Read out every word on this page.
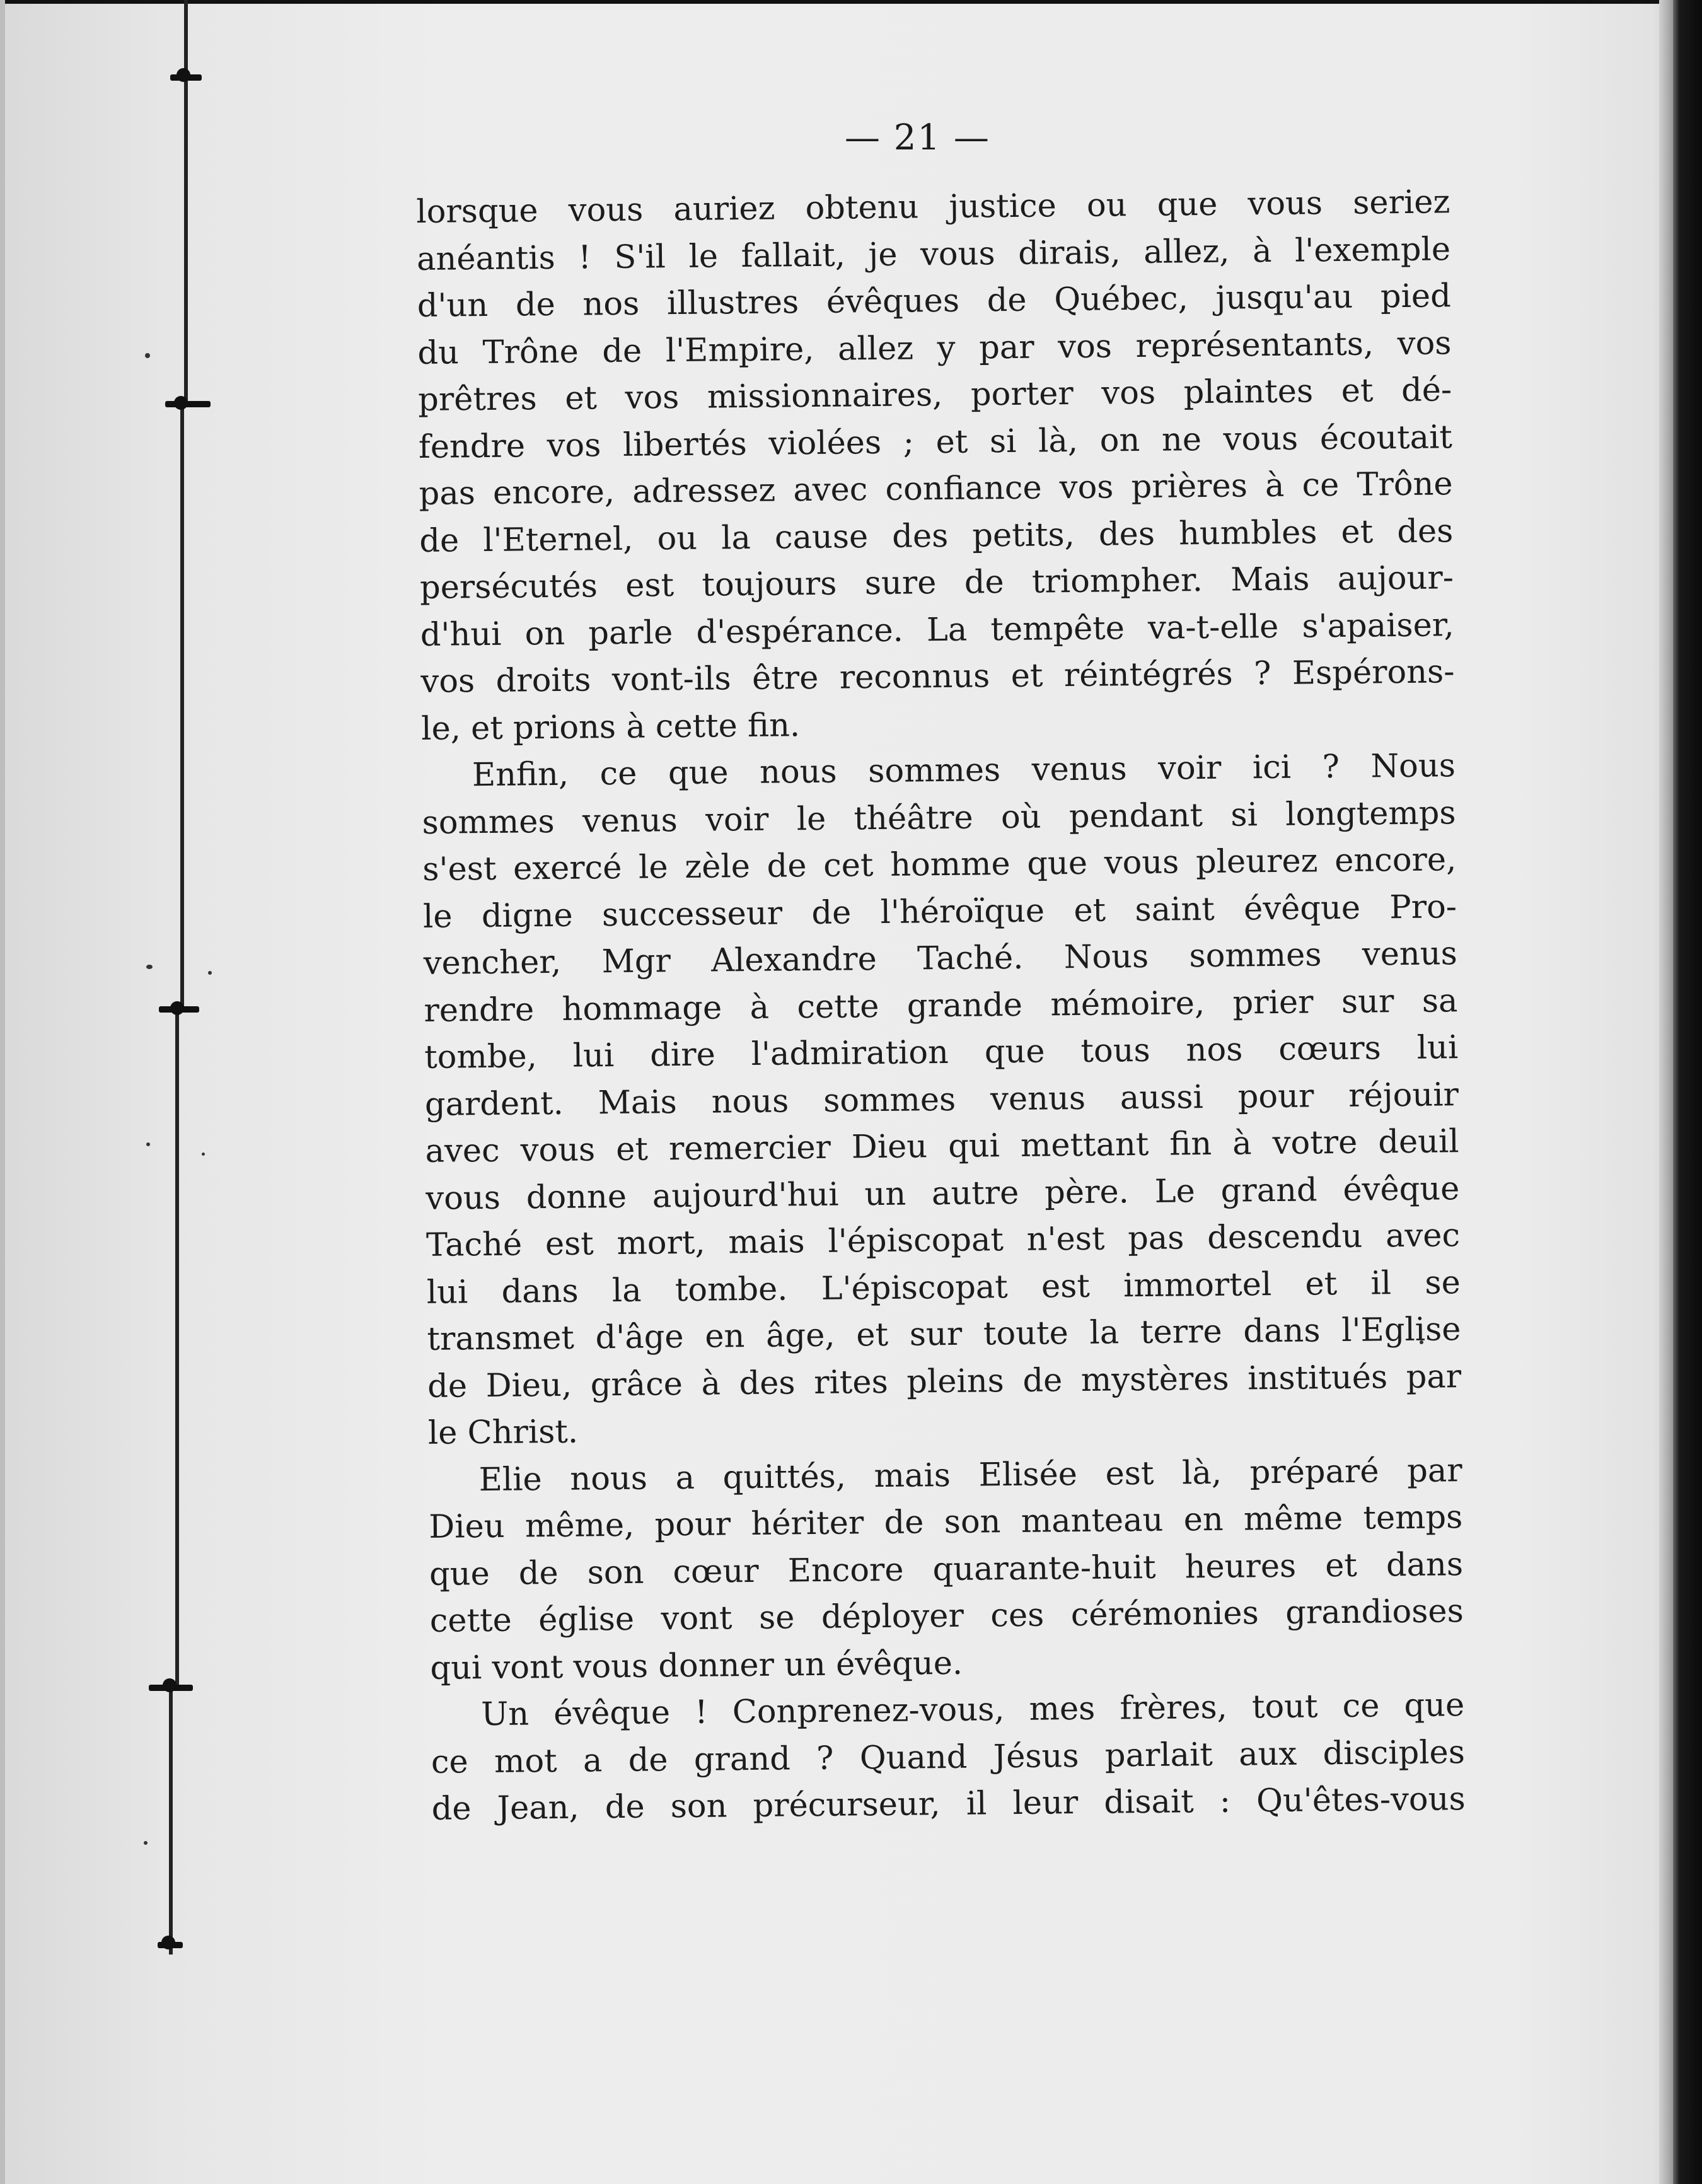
— 21 —
lorsque vous auriez obtenu justice ou que vous seriez
anéantis ! S'il le fallait, je vous dirais, allez, à l'exemple
d'un de nos illustres évêques de Québec, jusqu'au pied
du Trône de l'Empire, allez y par vos représentants, vos
prêtres et vos missionnaires, porter vos plaintes et dé-
fendre vos libertés violées ; et si là, on ne vous écoutait
pas encore, adressez avec confiance vos prières à ce Trône
de l'Eternel, ou la cause des petits, des humbles et des
persécutés est toujours sure de triompher. Mais aujour-
d'hui on parle d'espérance. La tempête va-t-elle s'apaiser,
vos droits vont-ils être reconnus et réintégrés ? Espérons-
le, et prions à cette fin.
Enfin, ce que nous sommes venus voir ici ? Nous
sommes venus voir le théâtre où pendant si longtemps
s'est exercé le zèle de cet homme que vous pleurez encore,
le digne successeur de l'héroïque et saint évêque Pro-
vencher, Mgr Alexandre Taché. Nous sommes venus
rendre hommage à cette grande mémoire, prier sur sa
tombe, lui dire l'admiration que tous nos cœurs lui
gardent. Mais nous sommes venus aussi pour réjouir
avec vous et remercier Dieu qui mettant fin à votre deuil
vous donne aujourd'hui un autre père. Le grand évêque
Taché est mort, mais l'épiscopat n'est pas descendu avec
lui dans la tombe. L'épiscopat est immortel et il se
transmet d'âge en âge, et sur toute la terre dans l'Eglise
de Dieu, grâce à des rites pleins de mystères institués par
le Christ.
Elie nous a quittés, mais Elisée est là, préparé par
Dieu même, pour hériter de son manteau en même temps
que de son cœur Encore quarante-huit heures et dans
cette église vont se déployer ces cérémonies grandioses
qui vont vous donner un évêque.
Un évêque ! Conprenez-vous, mes frères, tout ce que
ce mot a de grand ? Quand Jésus parlait aux disciples
de Jean, de son précurseur, il leur disait : Qu'êtes-vous
